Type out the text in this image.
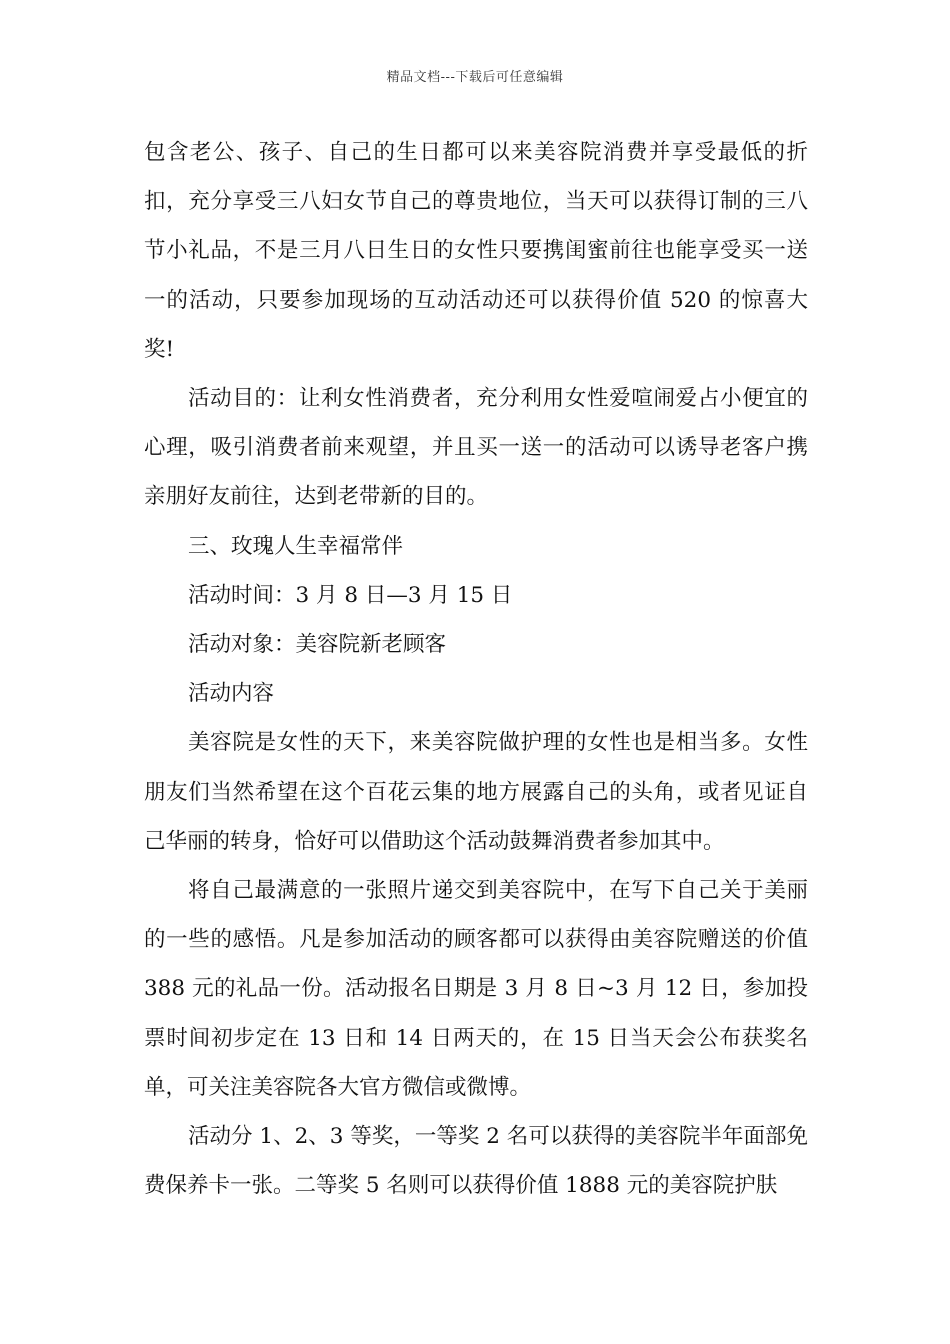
精品文档---下载后可任意编辑

包含老公、孩子、自己的生日都可以来美容院消费并享受最低的折扣，充分享受三八妇女节自己的尊贵地位，当天可以获得订制的三八节小礼品，不是三月八日生日的女性只要携闺蜜前往也能享受买一送一的活动，只要参加现场的互动活动还可以获得价值 520 的惊喜大奖!

活动目的：让利女性消费者，充分利用女性爱喧闹爱占小便宜的心理，吸引消费者前来观望，并且买一送一的活动可以诱导老客户携亲朋好友前往，达到老带新的目的。

三、玫瑰人生幸福常伴

活动时间：3 月 8 日—3 月 15 日

活动对象：美容院新老顾客

活动内容

美容院是女性的天下，来美容院做护理的女性也是相当多。女性朋友们当然希望在这个百花云集的地方展露自己的头角，或者见证自己华丽的转身，恰好可以借助这个活动鼓舞消费者参加其中。

将自己最满意的一张照片递交到美容院中，在写下自己关于美丽的一些的感悟。凡是参加活动的顾客都可以获得由美容院赠送的价值 388 元的礼品一份。活动报名日期是 3 月 8 日~3 月 12 日，参加投票时间初步定在 13 日和 14 日两天的，在 15 日当天会公布获奖名单，可关注美容院各大官方微信或微博。

活动分 1、2、3 等奖，一等奖 2 名可以获得的美容院半年面部免费保养卡一张。二等奖 5 名则可以获得价值 1888 元的美容院护肤
